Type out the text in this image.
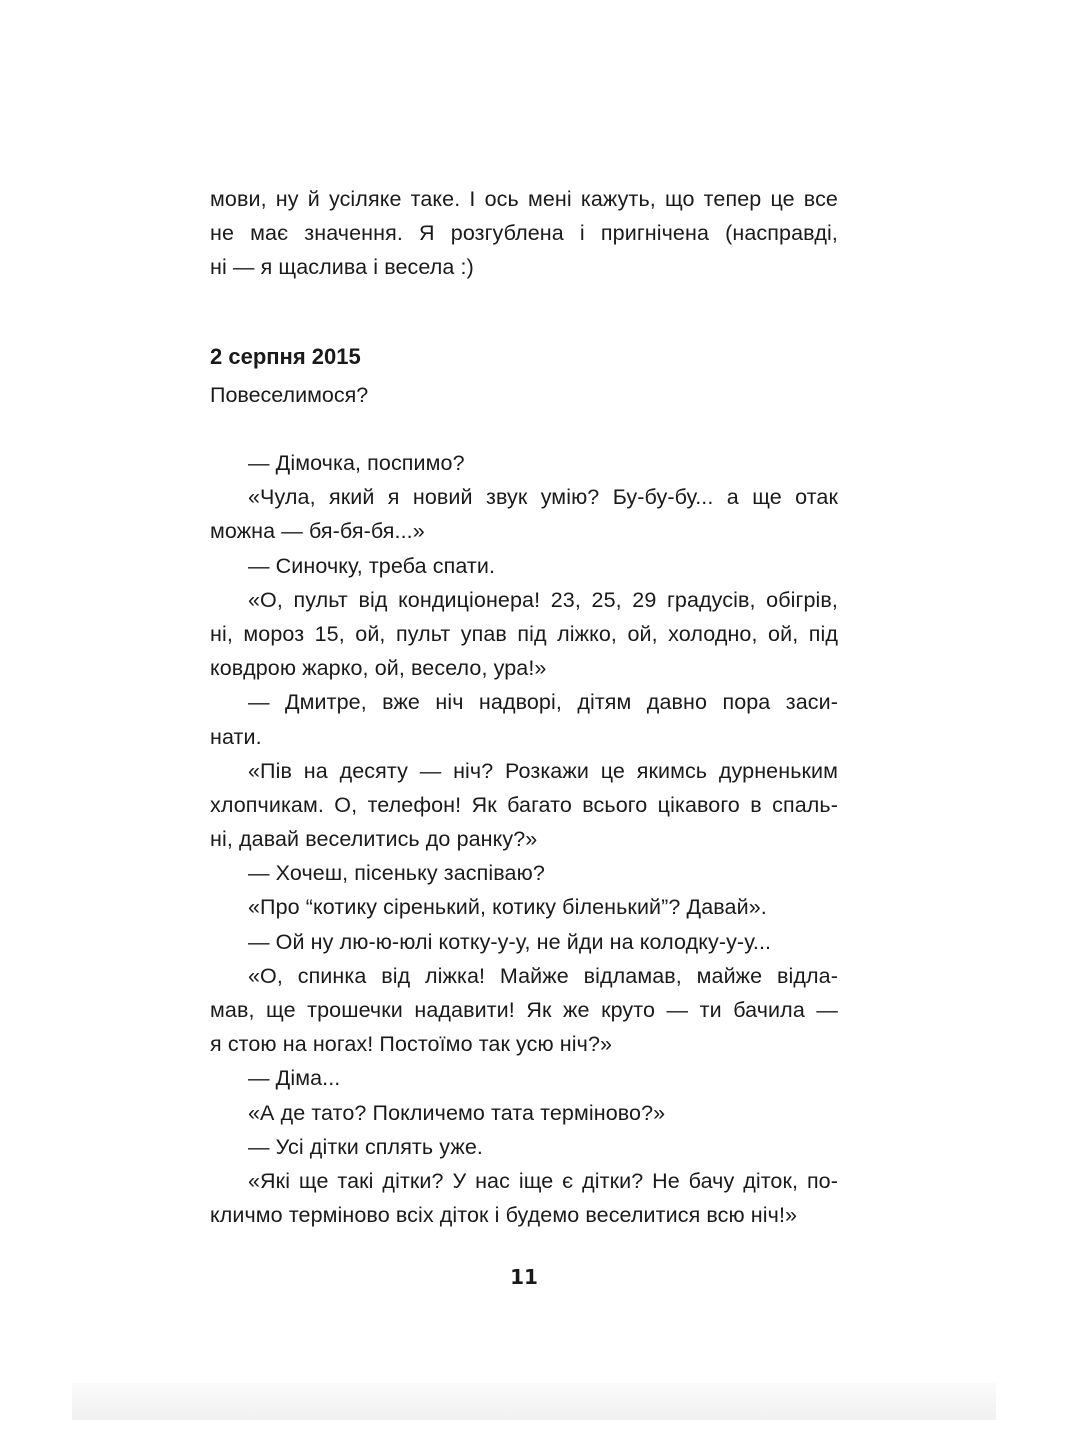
мови, ну й усіляке таке. І ось мені кажуть, що тепер це все
не має значення. Я розгублена і пригнічена (насправді,
ні — я щаслива і весела :)
2 серпня 2015
Повеселимося?
— Дімочка, поспимо?
«Чула, який я новий звук умію? Бу-бу-бу... а ще отак
можна — бя-бя-бя...»
— Синочку, треба спати.
«О, пульт від кондиціонера! 23, 25, 29 градусів, обігрів,
ні, мороз 15, ой, пульт упав під ліжко, ой, холодно, ой, під
ковдрою жарко, ой, весело, ура!»
— Дмитре, вже ніч надворі, дітям давно пора заси-
нати.
«Пів на десяту — ніч? Розкажи це якимсь дурненьким
хлопчикам. О, телефон! Як багато всього цікавого в спаль-
ні, давай веселитись до ранку?»
— Хочеш, пісеньку заспіваю?
«Про “котику сіренький, котику біленький”? Давай».
— Ой ну лю-ю-юлі котку-у-у, не йди на колодку-у-у...
«О, спинка від ліжка! Майже відламав, майже відла-
мав, ще трошечки надавити! Як же круто — ти бачила —
я стою на ногах! Постоїмо так усю ніч?»
— Діма...
«А де тато? Покличемо тата терміново?»
— Усі дітки сплять уже.
«Які ще такі дітки? У нас іще є дітки? Не бачу діток, по-
кличмо терміново всіх діток і будемо веселитися всю ніч!»
11
